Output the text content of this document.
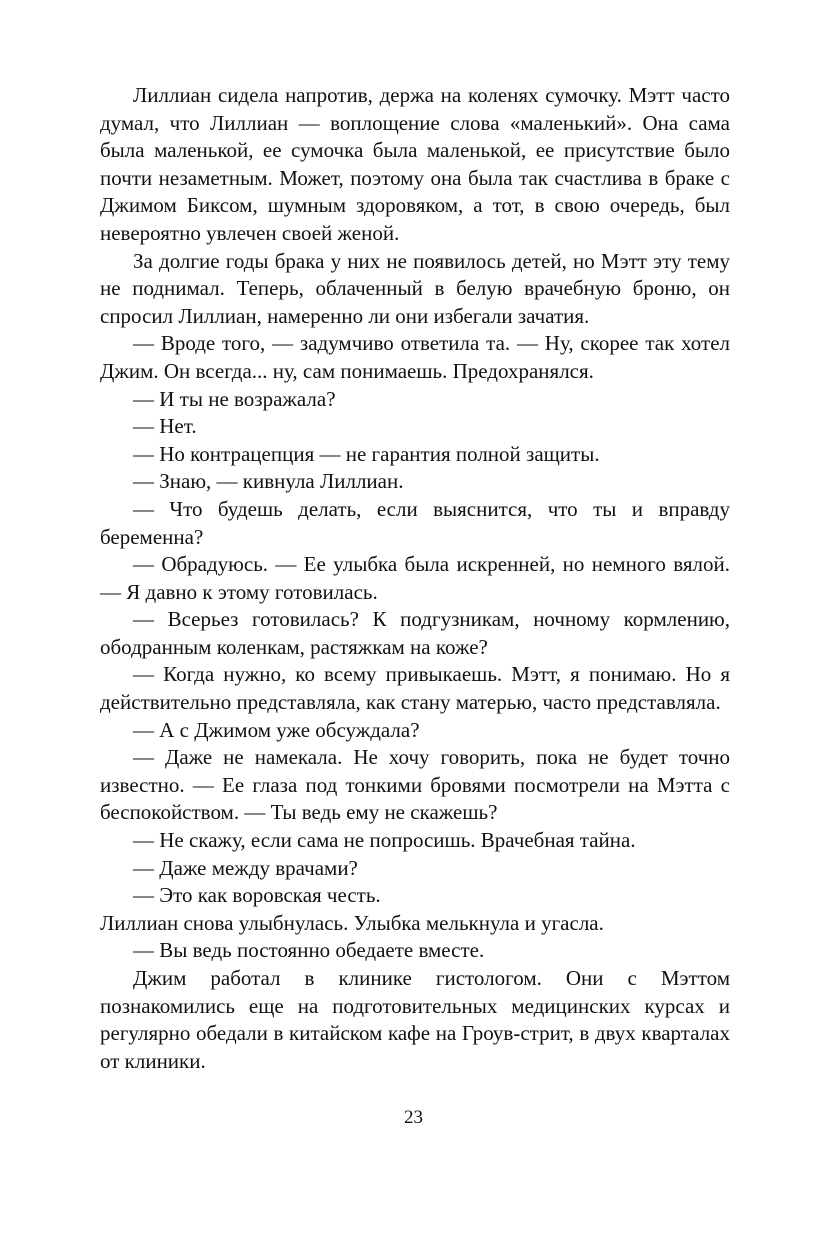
Лиллиан сидела напротив, держа на коленях сумочку. Мэтт часто думал, что Лиллиан — воплощение слова «маленький». Она сама была маленькой, ее сумочка была маленькой, ее присутствие было почти незаметным. Может, поэтому она была так счастлива в браке с Джимом Биксом, шумным здоровяком, а тот, в свою очередь, был невероятно увлечен своей женой.

За долгие годы брака у них не появилось детей, но Мэтт эту тему не поднимал. Теперь, облаченный в белую врачебную броню, он спросил Лиллиан, намеренно ли они избегали зачатия.

— Вроде того, — задумчиво ответила та. — Ну, скорее так хотел Джим. Он всегда... ну, сам понимаешь. Предохранялся.

— И ты не возражала?

— Нет.

— Но контрацепция — не гарантия полной защиты.

— Знаю, — кивнула Лиллиан.

— Что будешь делать, если выяснится, что ты и вправду беременна?

— Обрадуюсь. — Ее улыбка была искренней, но немного вялой. — Я давно к этому готовилась.

— Всерьез готовилась? К подгузникам, ночному кормлению, ободранным коленкам, растяжкам на коже?

— Когда нужно, ко всему привыкаешь. Мэтт, я понимаю. Но я действительно представляла, как стану матерью, часто представляла.

— А с Джимом уже обсуждала?

— Даже не намекала. Не хочу говорить, пока не будет точно известно. — Ее глаза под тонкими бровями посмотрели на Мэтта с беспокойством. — Ты ведь ему не скажешь?

— Не скажу, если сама не попросишь. Врачебная тайна.

— Даже между врачами?

— Это как воровская честь.

Лиллиан снова улыбнулась. Улыбка мелькнула и угасла.

— Вы ведь постоянно обедаете вместе.

Джим работал в клинике гистологом. Они с Мэттом познакомились еще на подготовительных медицинских курсах и регулярно обедали в китайском кафе на Гроув-стрит, в двух кварталах от клиники.

23
